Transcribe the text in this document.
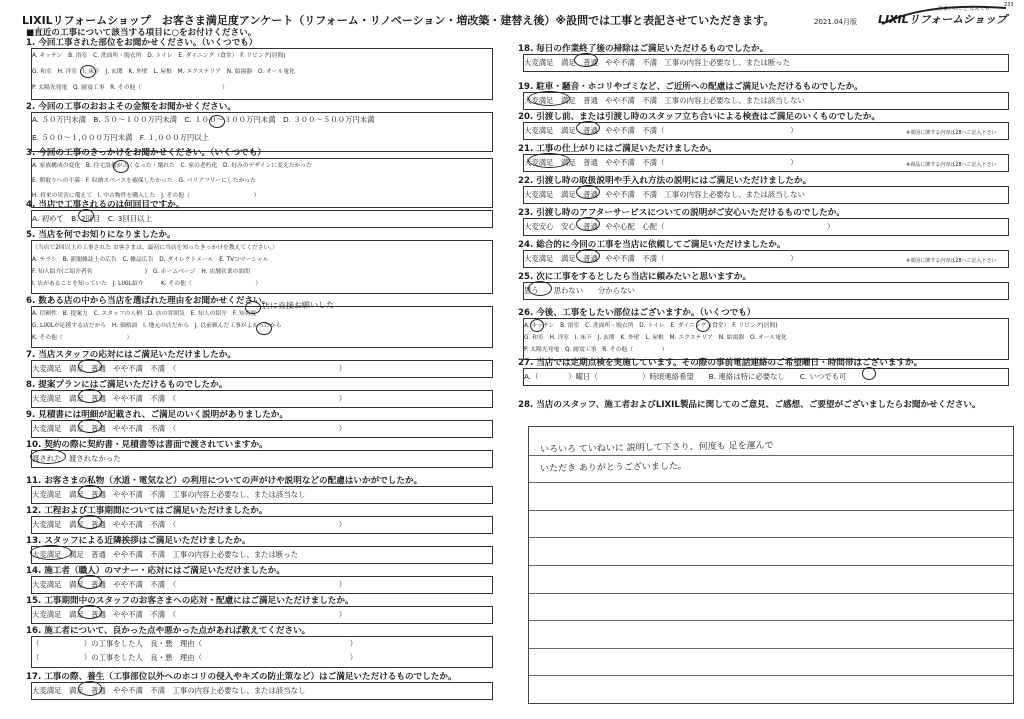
LIXILリフォームショップ　お客さま満足度アンケート（リフォーム・リノベーション・増改築・建替え後）※設問では工事と表記させていただきます。	2021.04月版
住まいのこと なんでも
LIXILリフォームショップ
233
■直近の工事について該当する項目に○をお付けください。
1. 今回工事された部位をお聞かせください。（いくつでも）
A. キッチン　B. 浴室　C. 洗面所・脱衣所　D. トイレ　E. ダイニング（食堂）　F. リビング(居間)
G. 和室　H. 洋室　I. 床下　J. 玄関　K. 外壁　L. 屋根　M. エクステリア　N. 給湯器　O. オール電化
P. 太陽光発電　Q. 耐震工事　R. その他（　　　　　　　　　　　　　　）
2. 今回の工事のおおよその金額をお聞かせください。
A. ５０万円未満　B. ５０～１００万円未満　C. １００～３００万円未満　D. ３００～５００万円未満
E. ５００～１,０００万円未満　F. １,０００万円以上
3. 今回の工事のきっかけをお聞かせください。（いくつでも）
A. 家族構成の変化　B. 住宅設備が古くなった・壊れた　C. 家の老朽化　D. 好みのデザインに変えたかった
E. 開取りへの不満　F. 収納スペースを確保したかった　G. バリアフリーにしたかった
H. 将来の災害に備えて　I. 中古物件を購入した　J. その他（　　　　　　　　　　　）
4. 当店で工事されるのは何回目ですか。
A. 初めて　B. 2回目　C. 3回目以上
5. 当店を何でお知りになりましたか。
（当店で2回以上の工事された お客さまは、最初に当店を知ったきっかけを教えてください。）
A. チラシ　B. 新聞雑誌上の広告　C. 雑誌広告　D. ダイレクトメール　E. TVコマーシャル
F. 知人紹介(ご紹介者名　　　　　　　　　)　G. ホームページ　H. 店舗営業の訪問
I. 店があることを知っていた　J. LIXIL紹介　　　K. その他（　　　　　　　　　　　）
6. 数ある店の中から当店を選ばれた理由をお聞かせください。
A. 信頼性　B. 提案力　C. スタッフの人柄　D. 店の雰囲気　E. 知人の紹介　F. 知名度
G. LIXILが応援する店だから　H. 価格面　I. 地元の店だから　J. 以前頼んだ工事がよかったから
K. その他（　　　　　　　　　　　）
7. 当店スタッフの応対にはご満足いただけましたか。
大変満足　満足　普通　やや不満　不満　（　　　　　　　　　　　　　　　　　　　　　　）
8. 提案プランにはご満足いただけるものでしたか。
大変満足　満足　普通　やや不満　不満　（　　　　　　　　　　　　　　　　　　　　　　）
9. 見積書には明細が記載され、ご満足のいく説明がありましたか。
大変満足　満足　普通　やや不満　不満　（　　　　　　　　　　　　　　　　　　　　　　）
10. 契約の際に契約書・見積書等は書面で渡されていますか。
渡された　渡されなかった
11. お客さまの私物（水道・電気など）の利用についての声がけや説明などの配慮はいかがでしたか。
大変満足　満足　普通　やや不満　不満　工事の内容上必要なし、または該当なし
12. 工程および工事期間についてはご満足いただけましたか。
大変満足　満足　普通　やや不満　不満　（　　　　　　　　　　　　　　　　　　　　　　）
13. スタッフによる近隣挨拶はご満足いただけましたか。
大変満足　満足　普通　やや不満　不満　工事の内容上必要なし、または断った
14. 施工者（職人）のマナー・応対にはご満足いただけましたか。
大変満足　満足　普通　やや不満　不満　（　　　　　　　　　　　　　　　　　　　　　　）
15. 工事期間中のスタッフのお客さまへの応対・配慮にはご満足いただけましたか。
大変満足　満足　普通　やや不満　不満　（　　　　　　　　　　　　　　　　　　　　　　）
16. 施工者について、良かった点や悪かった点があれば教えてください。
（　　　　　　）の工事をした人　良・悪　理由（　　　　　　　　　　　　　　　　　　　　）
（　　　　　　）の工事をした人　良・悪　理由（　　　　　　　　　　　　　　　　　　　　）
17. 工事の際、養生（工事部位以外へのホコリの侵入やキズの防止策など）はご満足いただけるものでしたか。
大変満足　満足　普通　やや不満　不満　工事の内容上必要なし、または該当なし
18. 毎日の作業終了後の掃除はご満足いただけるものでしたか。
大変満足　満足　普通　やや不満　不満　工事の内容上必要なし、または断った
19. 駐車・騒音・ホコリやゴミなど、ご近所への配慮はご満足いただけるものでしたか。
大変満足　満足　普通　やや不満　不満　工事の内容上必要なし、または該当しない
20. 引渡し前、または引渡し時のスタッフ立ち合いによる検査はご満足のいくものでしたか。
大変満足　満足　普通　やや不満　不満（　　　　　　　　　　　　　　　　　）	※要因に関する内容は28へご記入下さい
21. 工事の仕上がりにはご満足いただけましたか。
大変満足　満足　普通　やや不満　不満（　　　　　　　　　　　　　　　　　）	※商品に関する内容は28へご記入下さい
22. 引渡し時の取扱説明や手入れ方法の説明にはご満足いただけましたか。
大変満足　満足　普通　やや不満　不満　工事の内容上必要なし、または該当しない
23. 引渡し時のアフターサービスについての説明がご安心いただけるものでしたか。
大変安心　安心　普通　やや心配　心配（　　　　　　　　　　　　　　　　　　　　　　）
24. 総合的に今回の工事を当店に依頼してご満足いただけましたか。
大変満足　満足　普通　やや不満　不満（　　　　　　　　　　　　　　　　　）	※要因に関する内容は28へご記入下さい
25. 次に工事をするとしたら当店に頼みたいと思いますか。
思う　　思わない　　分からない
26. 今後、工事をしたい部位はございますか。（いくつでも）
A. キッチン　B. 浴室　C. 洗面所・脱衣所　D. トイレ　E. ダイニング（食堂）　F. リビング(居間)
G. 和室　H. 洋室　I. 床下　J. 玄関　K. 外壁　L. 屋根　M. エクステリア　N. 給湯器　O. オール電化
P. 太陽光発電　Q. 耐震工事　R. その他（　　　　　）
27. 当店では定期点検を実施しています。その際の事前電話連絡のご希望曜日・時間帯はございますか。
A.（　　　　）曜日（　　　　　　）時頃連絡希望　　B. 連絡は特に必要なし　　C. いつでも可
28. 当店のスタッフ、施工者およびLIXIL製品に関してのご意見、ご感想、ご要望がございましたらお聞かせください。
店に直接お願いした
いろいろ ていねいに 説明して下さり、何度も 足を運んで
いただき ありがとうございました。
